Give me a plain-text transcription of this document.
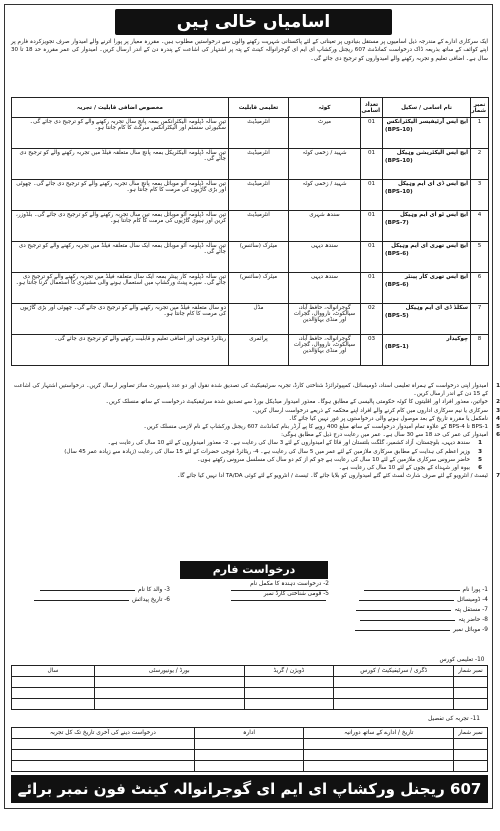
اسامیاں خالی ہیں

ایک سرکاری ادارے کے مندرجہ ذیل اسامیوں پر مستقل بنیادوں پر تعیناتی کے لئے پاکستانی شہریت رکھنے والوں سے درخواستیں مطلوب ہیں۔ مقررہ معیار پر پورا اترنے والے امیدوار صرف تجویزکردہ فارم پر اپنے کوائف کے ساتھ بذریعہ ڈاک درخواست کمانڈنٹ 607 ریجنل ورکشاپ ای ایم ای گوجرانوالہ کینٹ کے پتہ پر اشتہار کی اشاعت کے پندرہ دن کے اندر ارسال کریں۔ امیدوار کی عمر مقررہ حد 18 تا 30 سال ہے۔ اضافی تعلیم و تجربہ رکھنے والے امیدواروں کو ترجیح دی جائے گی۔

نمبر شمار	نام اسامی / سکیل	تعداد اسامی	کوٹہ	تعلیمی قابلیت	مخصوص اضافی قابلیت / تجربہ
1	ایچ ایس آرٹیفیسر الیکٹرانکس
(BPS-10)	01	میرٹ	انٹرمیڈیٹ	تین سالہ ڈپلومہ الیکٹرانکس بمعہ پانچ سال تجربہ رکھنے والے کو ترجیح دی جائے گی۔ سکیورٹی سسٹم اور الیکٹرانکس سرکٹ کا کام جانتا ہو۔
2	ایچ ایس الیکٹریشن وہیکل
(BPS-10)	01	شہید / زخمی کوٹہ	انٹرمیڈیٹ	تین سالہ ڈپلومہ الیکٹریکل بمعہ پانچ سال متعلقہ فیلڈ میں تجربہ رکھنے والے کو ترجیح دی جائے گی۔
3	ایچ ایس ڈی ای ایم وہیکل
(BPS-10)	01	شہید / زخمی کوٹہ	انٹرمیڈیٹ	تین سالہ ڈپلومہ آٹو موبائل بمعہ پانچ سال تجربہ رکھنے والے کو ترجیح دی جائے گی۔ چھوٹی اور بڑی گاڑیوں کی مرمت کا کام جانتا ہو۔
4	ایچ ایس ٹو ای ایم وہیکل
(BPS-7)	01	سندھ شہری	انٹرمیڈیٹ	تین سالہ ڈپلومہ آٹو موبائل بمعہ تین سال تجربہ رکھنے والے کو ترجیح دی جائے گی۔ بلڈوزر، کرین اور ہیوی گاڑیوں کی مرمت کا کام جانتا ہو۔
5	ایچ ایس تھری ای ایم وہیکل
(BPS-6)	01	سندھ دیہی	میٹرک (سائنس)	تین سالہ ڈپلومہ آٹو موبائل بمعہ ایک سال متعلقہ فیلڈ میں تجربہ رکھنے والے کو ترجیح دی جائے گی۔
6	ایچ ایس تھری کار پینٹر
(BPS-6)	01	سندھ دیہی	میٹرک (سائنس)	تین سالہ ڈپلومہ کار پینٹر بمعہ ایک سال متعلقہ فیلڈ میں تجربہ رکھنے والے کو ترجیح دی جائے گی۔ سپرے پینٹ ورکشاپ میں استعمال ہونے والی مشینری کا استعمال کرنا جانتا ہو۔
7	سکلڈ ڈی ای ایم وہیکل
(BPS-5)	02	گوجرانوالہ، حافظ آباد، سیالکوٹ، نارووال، گجرات اور منڈی بہاؤالدین	مڈل	دو سال متعلقہ فیلڈ میں تجربہ رکھنے والے کو ترجیح دی جائے گی۔ چھوٹی اور بڑی گاڑیوں کی مرمت کا کام جانتا ہو۔
8	چوکیدار
(BPS-1)	03	گوجرانوالہ، حافظ آباد، سیالکوٹ، نارووال، گجرات اور منڈی بہاؤالدین	پرائمری	ریٹائرڈ فوجی اور اضافی تعلیم و قابلیت رکھنے والے کو ترجیح دی جائے گی۔
1امیدوار اپنی درخواست کے ہمراہ تعلیمی اسناد، ڈومیسائل، کمپیوٹرائزڈ شناختی کارڈ، تجربہ سرٹیفیکیٹ کی تصدیق شدہ نقول اور دو عدد پاسپورٹ سائز تصاویر ارسال کریں۔ درخواستیں اشتہار کی اشاعت کے 15 دن کے اندر ارسال کریں۔
2خواتین، معذور افراد اور اقلیتوں کا کوٹہ حکومتی پالیسی کے مطابق ہوگا۔ معذور امیدوار میڈیکل بورڈ سے تصدیق شدہ سرٹیفیکیٹ درخواست کے ساتھ منسلک کریں۔
3سرکاری یا نیم سرکاری اداروں میں کام کرنے والے افراد اپنے محکمہ کے ذریعے درخواست ارسال کریں۔
4نامکمل یا مقررہ تاریخ کے بعد موصول ہونے والی درخواستوں پر غور نہیں کیا جائے گا۔
5BPS-1 تا BPS-4 کے علاوہ تمام امیدوار درخواست کے ساتھ مبلغ 400 روپے کا پے آرڈر بنام کمانڈنٹ 607 ریجنل ورکشاپ کے نام لازمی منسلک کریں۔
6امیدوار کی عمر کی حد 18 سے 30 سال ہے۔ عمر میں رعایت درج ذیل کے مطابق ہوگی:
1سندھ دیہی، بلوچستان، آزاد کشمیر، گلگت بلتستان اور فاٹا کے امیدواروں کے لئے 3 سال کی رعایت ہے۔ 2- معذور امیدواروں کے لئے 10 سال کی رعایت ہے۔
3وزیر اعظم کی ہدایت کے مطابق سرکاری ملازمین کے لئے عمر میں 5 سال کی رعایت ہے۔ 4- ریٹائرڈ فوجی حضرات کے لئے 15 سال کی رعایت (زیادہ سے زیادہ عمر 45 سال)
5حاضر سروس سرکاری ملازمین کے لئے 10 سال کی رعایت ہے جو کم از کم دو سال کی مسلسل سروس رکھتے ہوں۔
6بیوہ اور شہداء کے بچوں کے لئے 10 سال کی رعایت ہے۔
7ٹیسٹ / انٹرویو کے لئے صرف شارٹ لسٹ کئے گئے امیدواروں کو بلایا جائے گا۔ ٹیسٹ / انٹرویو کے لئے کوئی TA/DA ادا نہیں کیا جائے گا۔
درخواست فارم
1- پورا نام
2- درخواست دہندہ کا مکمل نام
3- والد کا نام
4- ڈومیسائل
5- قومی شناختی کارڈ نمبر
6- تاریخ پیدائش
7- مستقل پتہ
8- حاضر پتہ
9- موبائل نمبر
10- تعلیمی کورس				
نمبر شمار	ڈگری / سرٹیفیکیٹ / کورس	ڈویژن / گریڈ	بورڈ / یونیورسٹی	سال

11- تجربہ کی تفصیل
نمبر شمار	تاریخ / ادارے کے ساتھ دورانیہ	ادارہ	درخواست دینے کی آخری تاریخ تک کل تجربہ

607 ریجنل ورکشاپ ای ایم ای گوجرانوالہ کینٹ فون نمبر برائے رابطہ 0553830350
